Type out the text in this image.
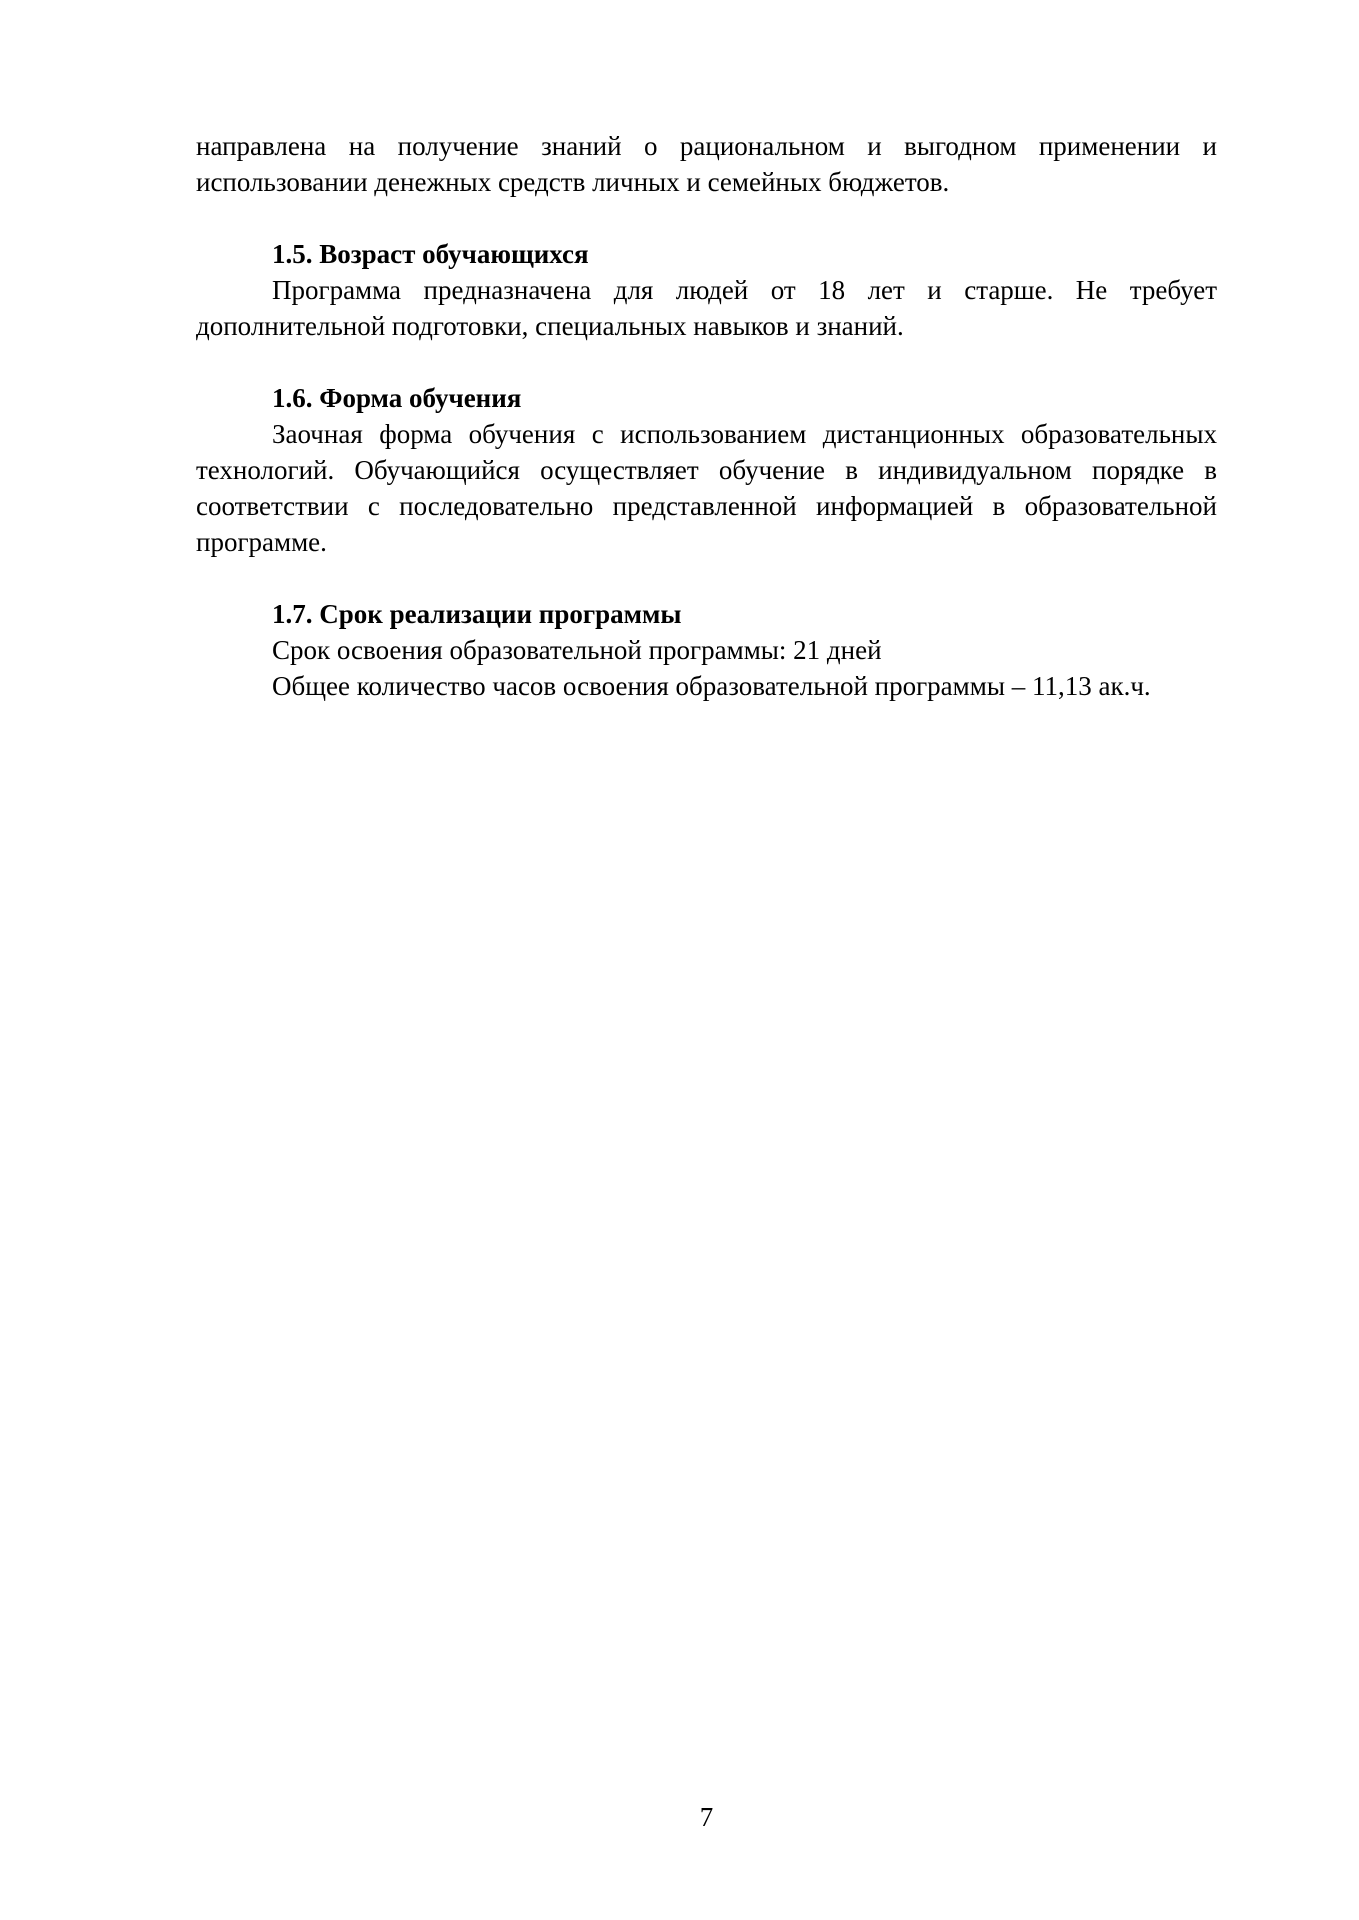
направлена на получение знаний о рациональном и выгодном применении и использовании денежных средств личных и семейных бюджетов.

1.5. Возраст обучающихся

Программа предназначена для людей от 18 лет и старше. Не требует дополнительной подготовки, специальных навыков и знаний.

1.6. Форма обучения

Заочная форма обучения с использованием дистанционных образовательных технологий. Обучающийся осуществляет обучение в индивидуальном порядке в соответствии с последовательно представленной информацией в образовательной программе.

1.7. Срок реализации программы

Срок освоения образовательной программы: 21 дней

Общее количество часов освоения образовательной программы – 11,13 ак.ч.

7
